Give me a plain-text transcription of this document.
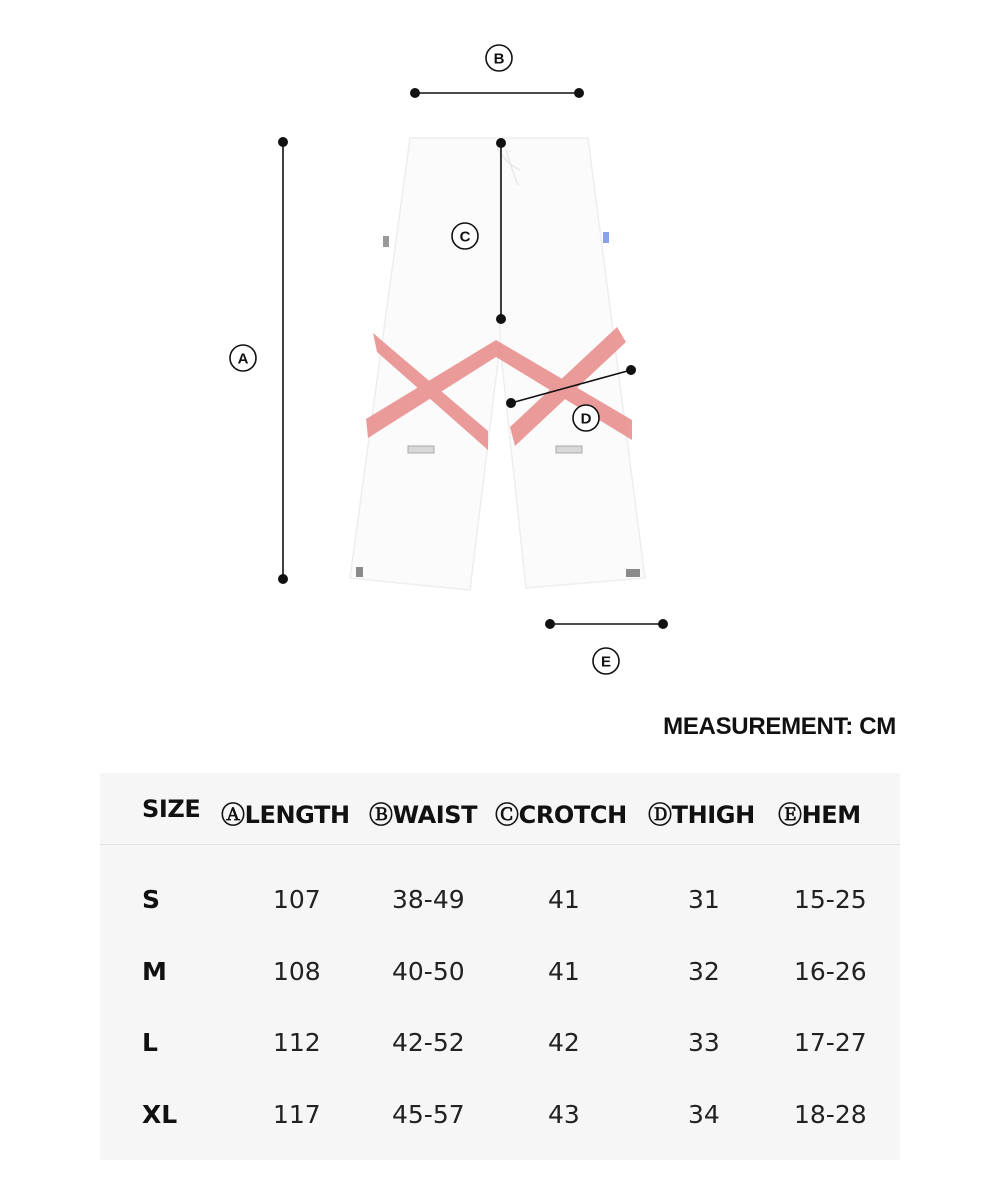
A
B
C
D
E
MEASUREMENT: CM
SIZE ⒶLENGTH ⒷWAIST ⒸCROTCH ⒹTHIGH ⒺHEM
S	107	38-49	41	31	15-25
M	108	40-50	41	32	16-26
L	112	42-52	42	33	17-27
XL	117	45-57	43	34	18-28
